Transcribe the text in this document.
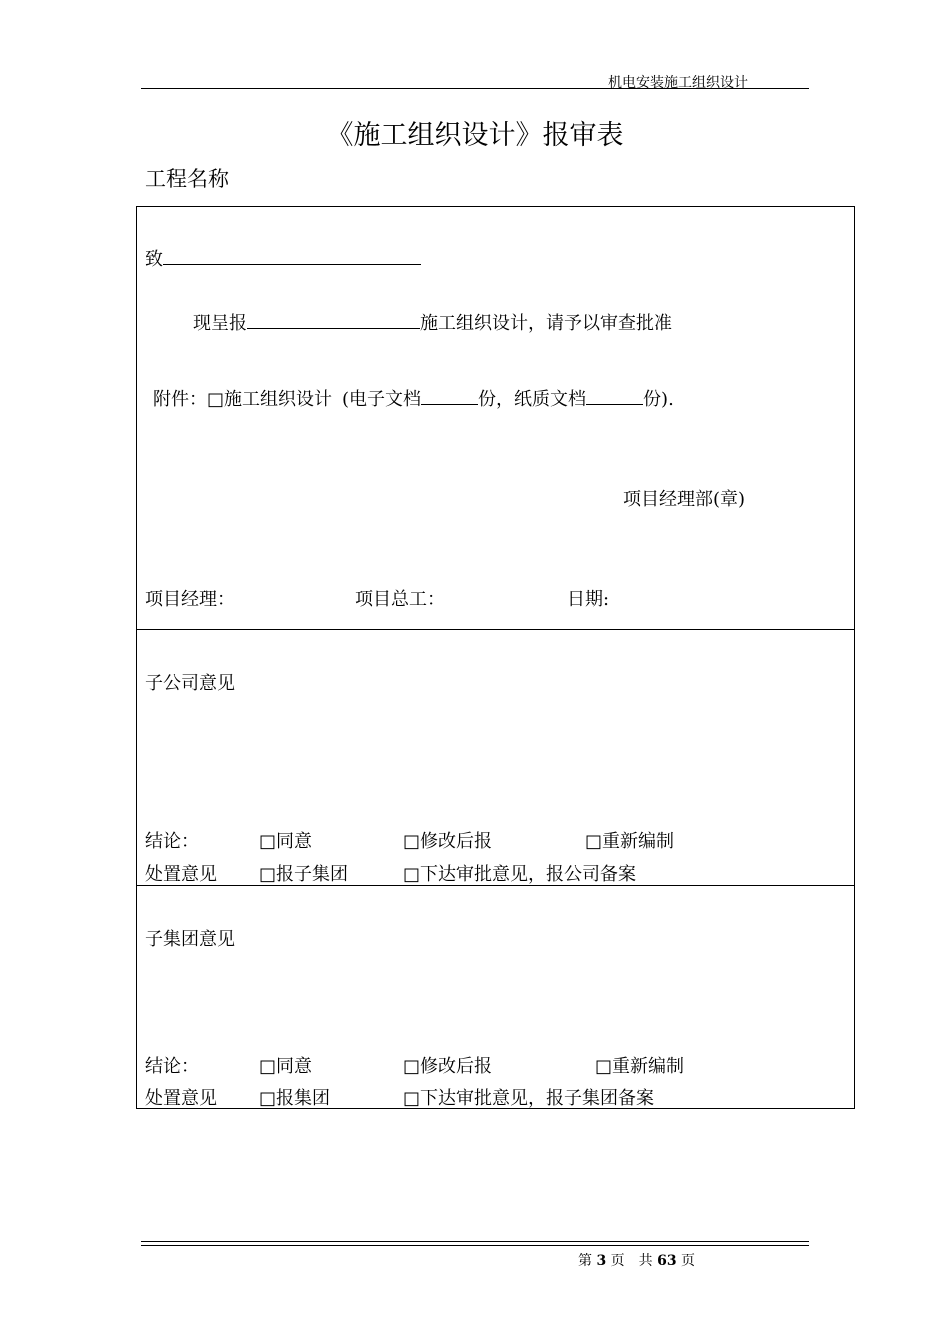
机电安装施工组织设计
《施工组织设计》报审表
工程名称
致
现呈报	施工组织设计，请予以审查批准
附件：□施工组织设计 (电子文档	份，纸质文档	份).
项目经理部(章)
项目经理：	项目总工：	日期:
子公司意见
结论：	□同意	□修改后报	□重新编制
处置意见 □报子集团	□下达审批意见，报公司备案
子集团意见
结论：	□同意	□修改后报	□重新编制
处置意见 □报集团	□下达审批意见，报子集团备案
第 3 页　共 63 页
